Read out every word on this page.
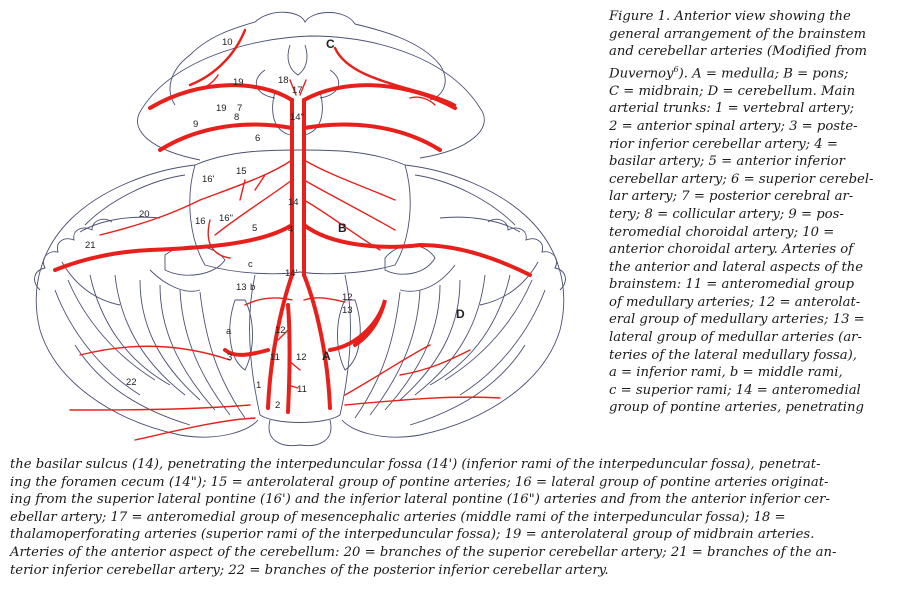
C
B
A
D
10
19	18
17
19 7
8
9
14"
6
15
16'
14
20
16 16"
5	4
21
c
14'
13 b
12
13
a	12
3	11 12
1	11
22
2
Figure 1. Anterior view showing the
general arrangement of the brainstem
and cerebellar arteries (Modified from
Duvernoy$^6$). A = medulla; B = pons;
C = midbrain; D = cerebellum. Main
arterial trunks: 1 = vertebral artery;
2 = anterior spinal artery; 3 = poste-
rior inferior cerebellar artery; 4 =
basilar artery; 5 = anterior inferior
cerebellar artery; 6 = superior cerebel-
lar artery; 7 = posterior cerebral ar-
tery; 8 = collicular artery; 9 = pos-
teromedial choroidal artery; 10 =
anterior choroidal artery. Arteries of
the anterior and lateral aspects of the
brainstem: 11 = anteromedial group
of medullary arteries; 12 = anterolat-
eral group of medullary arteries; 13 =
lateral group of medullar arteries (ar-
teries of the lateral medullary fossa),
a = inferior rami, b = middle rami,
c = superior rami; 14 = anteromedial
group of pontine arteries, penetrating
the basilar sulcus (14), penetrating the interpeduncular fossa (14') (inferior rami of the interpeduncular fossa), penetrat-
ing the foramen cecum (14"); 15 = anterolateral group of pontine arteries; 16 = lateral group of pontine arteries originat-
ing from the superior lateral pontine (16') and the inferior lateral pontine (16") arteries and from the anterior inferior cer-
ebellar artery; 17 = anteromedial group of mesencephalic arteries (middle rami of the interpeduncular fossa); 18 =
thalamoperforating arteries (superior rami of the interpeduncular fossa); 19 = anterolateral group of midbrain arteries.
Arteries of the anterior aspect of the cerebellum: 20 = branches of the superior cerebellar artery; 21 = branches of the an-
terior inferior cerebellar artery; 22 = branches of the posterior inferior cerebellar artery.
